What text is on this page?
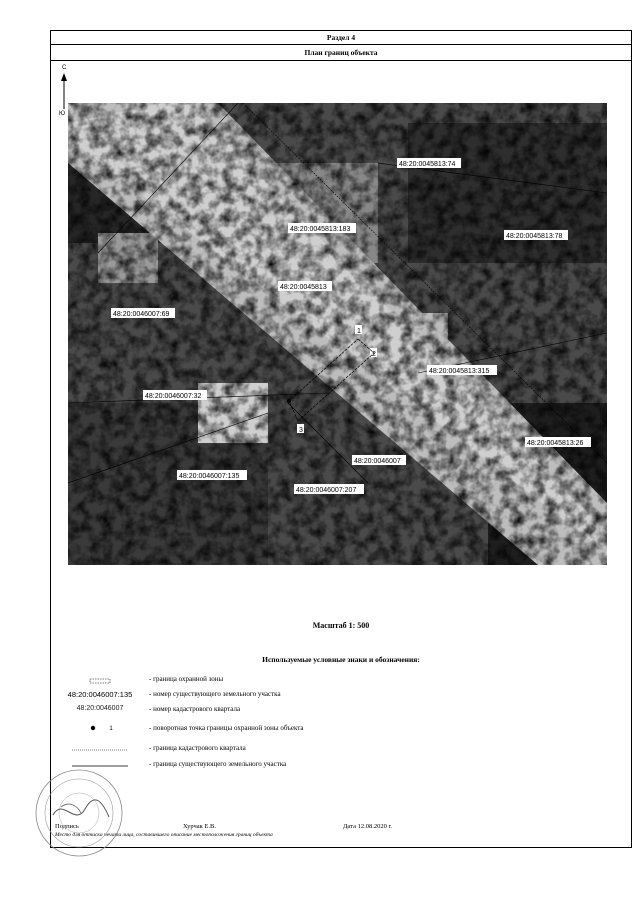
Раздел 4
План границ объекта
С
Ю
48:20:0045813:74
48:20:0045813:183
48:20:0045813:78
48:20:0045813
48:20:0046007:69
48:20:0045813:315
48:20:0046007:32
48:20:0045813:26
48:20:0046007
48:20:0046007:135
48:20:0046007:207
1
2
3
Масштаб 1: 500
Используемые условные знаки и обозначения:
- граница охранной зоны
48:20:0046007:135	- номер существующего земельного участка
48:20:0046007	- номер кадастрового квартала
1	- поворотная точка границы охранной зоны объекта
- граница кадастрового квартала
- граница существующего земельного участка
Подпись	Хурчак Е.В.	Дата 12.08.2020 г.
Место для оттиска печати лица, составившего описание местоположения границ объекта
